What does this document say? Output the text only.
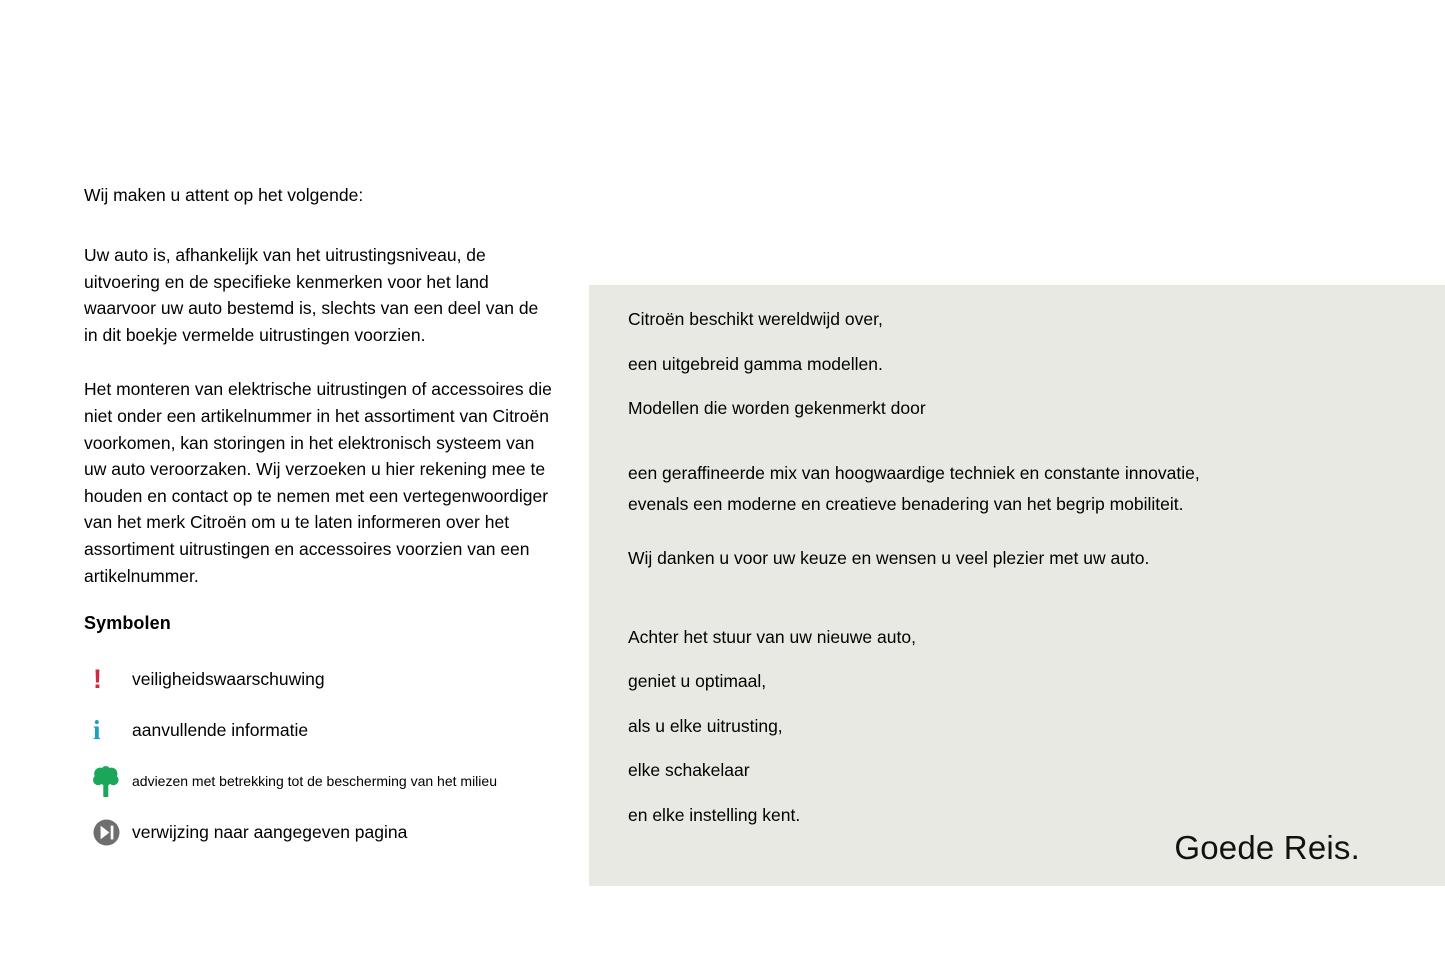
Citroën beschikt wereldwijd over,
een uitgebreid gamma modellen.
Modellen die worden gekenmerkt door
een geraffineerde mix van hoogwaardige techniek en constante innovatie,
evenals een moderne en creatieve benadering van het begrip mobiliteit.
Wij danken u voor uw keuze en wensen u veel plezier met uw auto.
Achter het stuur van uw nieuwe auto,
geniet u optimaal,
als u elke uitrusting,
elke schakelaar
en elke instelling kent.
Goede Reis.

Wij maken u attent op het volgende:

Uw auto is, afhankelijk van het uitrustingsniveau, de uitvoering en de specifieke kenmerken voor het land waarvoor uw auto bestemd is, slechts van een deel van de in dit boekje vermelde uitrustingen voorzien.

Het monteren van elektrische uitrustingen of accessoires die niet onder een artikelnummer in het assortiment van Citroën voorkomen, kan storingen in het elektronisch systeem van uw auto veroorzaken. Wij verzoeken u hier rekening mee te houden en contact op te nemen met een vertegenwoordiger van het merk Citroën om u te laten informeren over het assortiment uitrustingen en accessoires voorzien van een artikelnummer.

Symbolen

! veiligheidswaarschuwing
i aanvullende informatie
adviezen met betrekking tot de bescherming van het milieu
verwijzing naar aangegeven pagina
